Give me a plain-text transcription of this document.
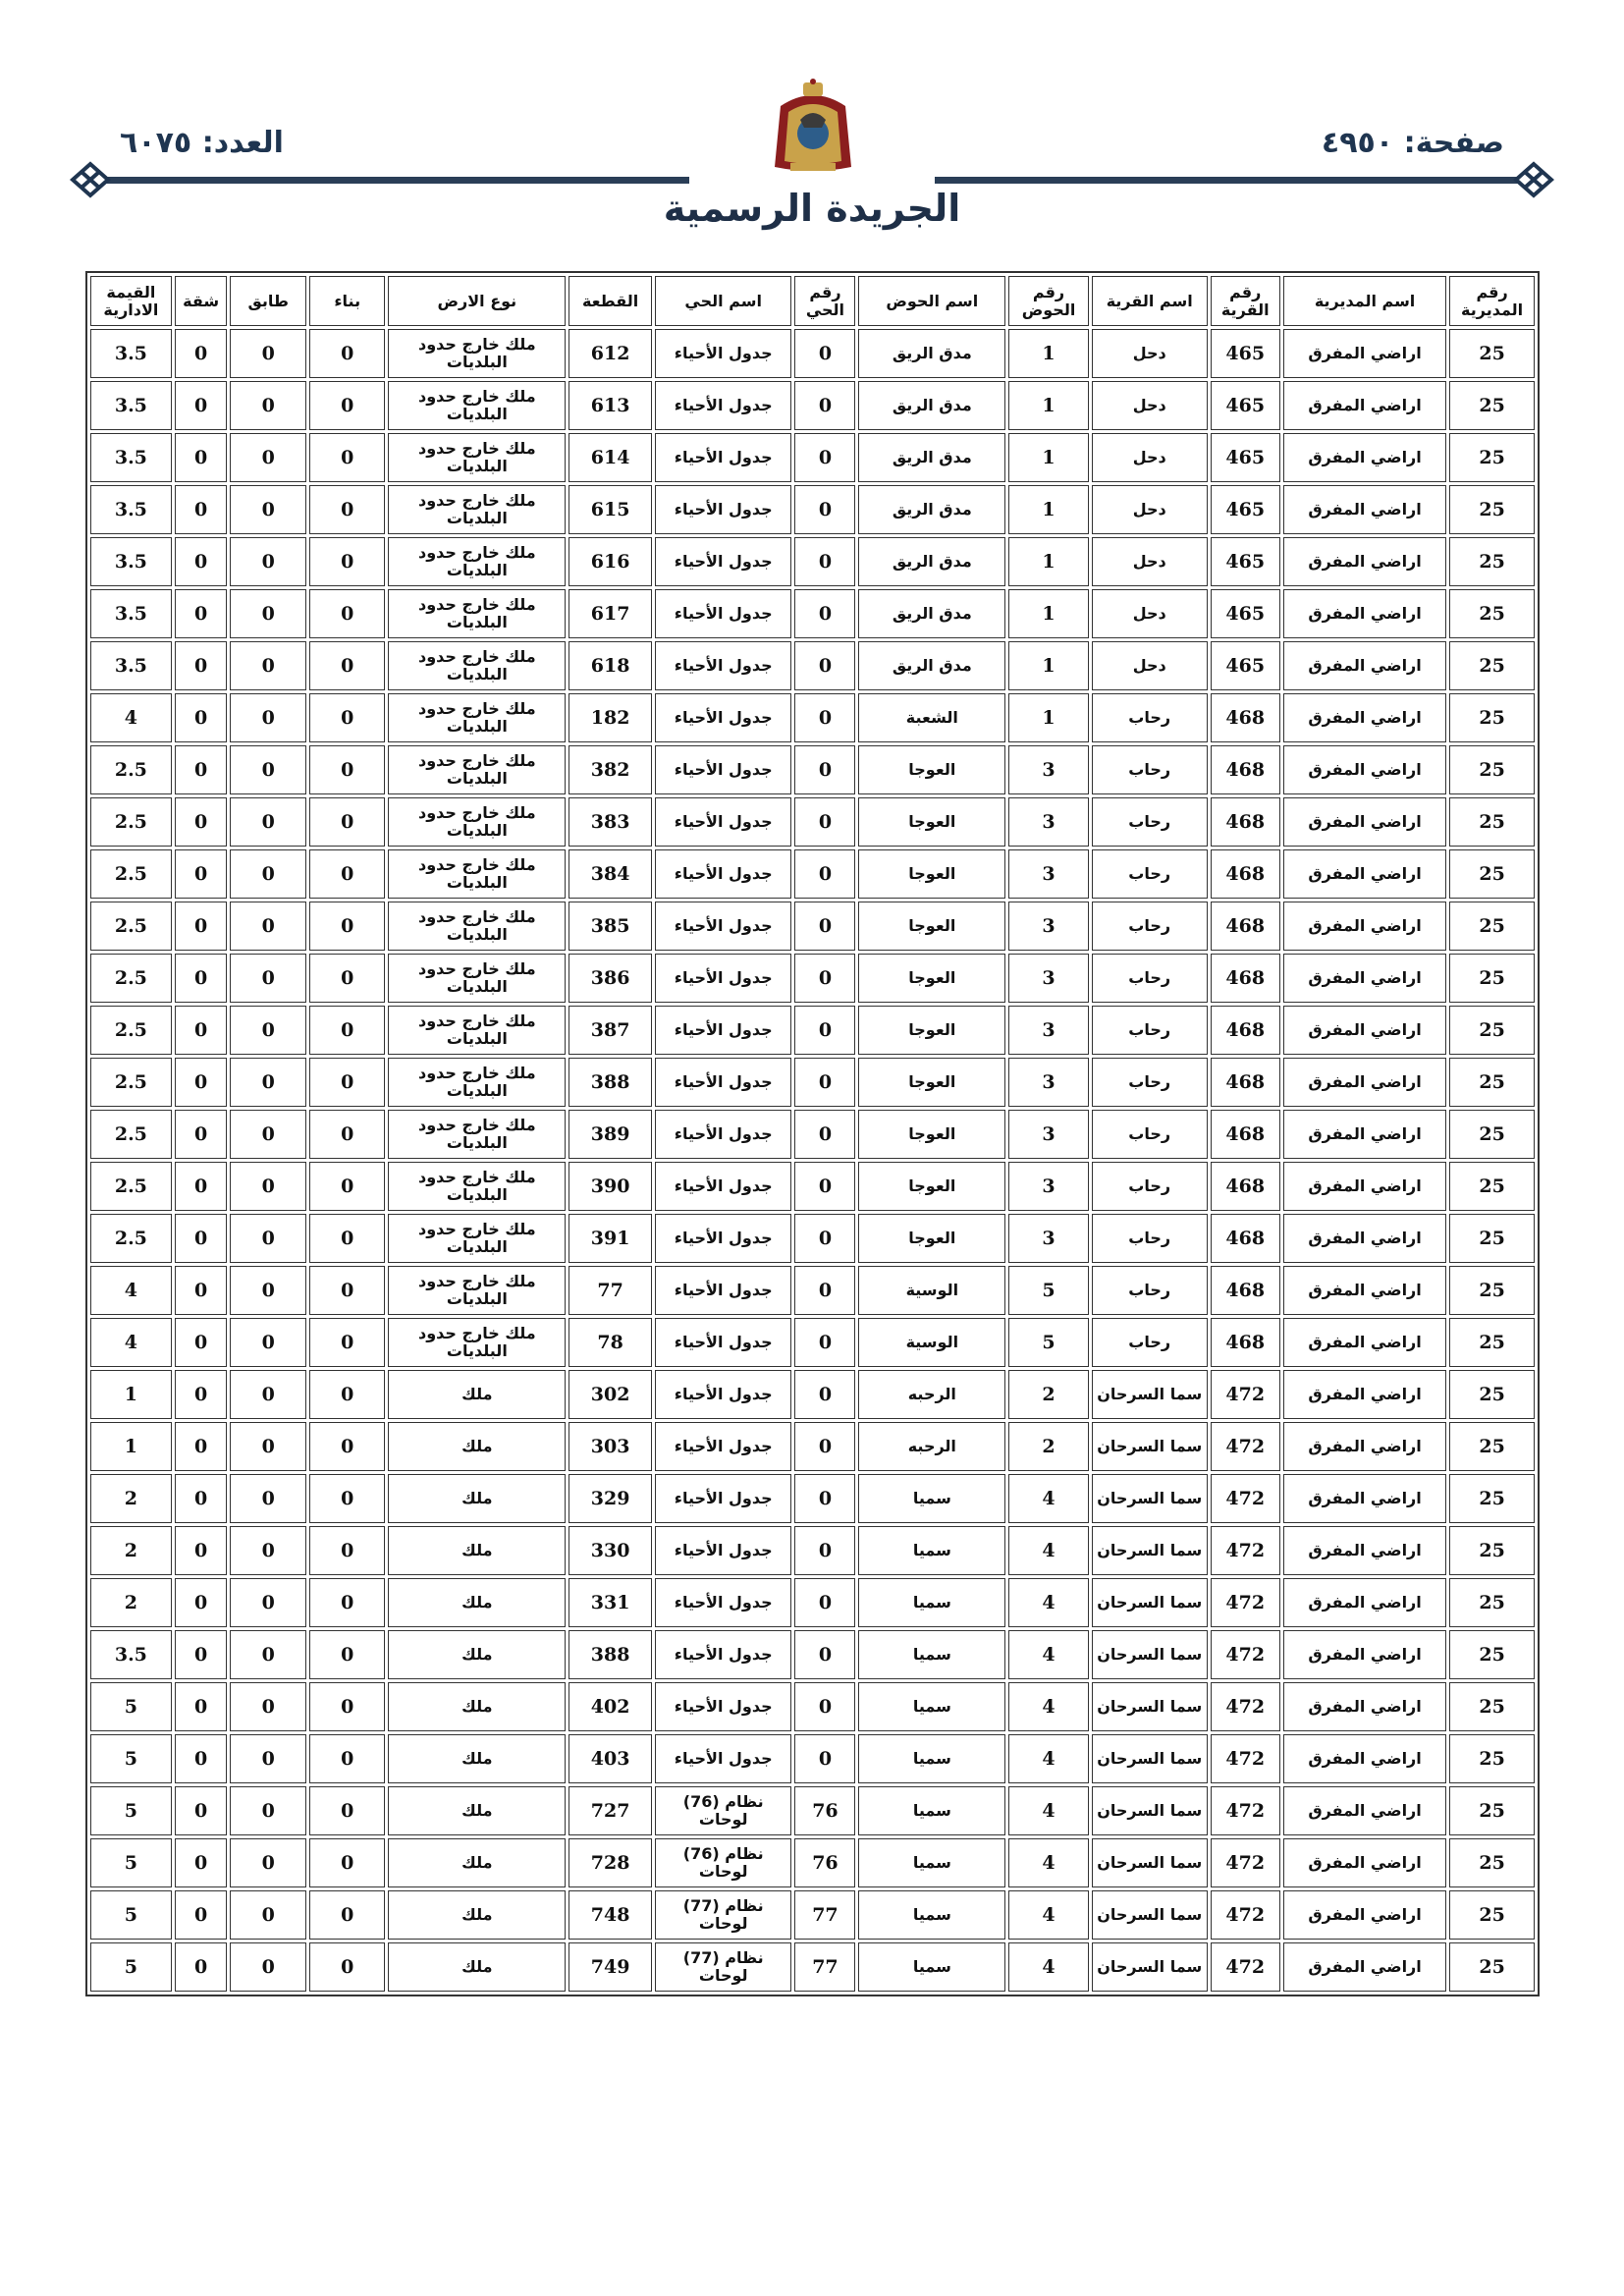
صفحة: ٤٩٥٠
العدد: ٦٠٧٥
الجريدة الرسمية
رقم المديرية	اسم المديرية	رقم القرية	اسم القرية	رقم الحوض	اسم الحوض	رقم الحي	اسم الحي	القطعة	نوع الارض	بناء	طابق	شقة	القيمة الادارية
25	اراضي المفرق	465	دحل	1	مدق الريق	0	جدول الأحياء	612	ملك خارج حدود البلديات	0	0	0	3.5
25	اراضي المفرق	465	دحل	1	مدق الريق	0	جدول الأحياء	613	ملك خارج حدود البلديات	0	0	0	3.5
25	اراضي المفرق	465	دحل	1	مدق الريق	0	جدول الأحياء	614	ملك خارج حدود البلديات	0	0	0	3.5
25	اراضي المفرق	465	دحل	1	مدق الريق	0	جدول الأحياء	615	ملك خارج حدود البلديات	0	0	0	3.5
25	اراضي المفرق	465	دحل	1	مدق الريق	0	جدول الأحياء	616	ملك خارج حدود البلديات	0	0	0	3.5
25	اراضي المفرق	465	دحل	1	مدق الريق	0	جدول الأحياء	617	ملك خارج حدود البلديات	0	0	0	3.5
25	اراضي المفرق	465	دحل	1	مدق الريق	0	جدول الأحياء	618	ملك خارج حدود البلديات	0	0	0	3.5
25	اراضي المفرق	468	رحاب	1	الشعبة	0	جدول الأحياء	182	ملك خارج حدود البلديات	0	0	0	4
25	اراضي المفرق	468	رحاب	3	العوجا	0	جدول الأحياء	382	ملك خارج حدود البلديات	0	0	0	2.5
25	اراضي المفرق	468	رحاب	3	العوجا	0	جدول الأحياء	383	ملك خارج حدود البلديات	0	0	0	2.5
25	اراضي المفرق	468	رحاب	3	العوجا	0	جدول الأحياء	384	ملك خارج حدود البلديات	0	0	0	2.5
25	اراضي المفرق	468	رحاب	3	العوجا	0	جدول الأحياء	385	ملك خارج حدود البلديات	0	0	0	2.5
25	اراضي المفرق	468	رحاب	3	العوجا	0	جدول الأحياء	386	ملك خارج حدود البلديات	0	0	0	2.5
25	اراضي المفرق	468	رحاب	3	العوجا	0	جدول الأحياء	387	ملك خارج حدود البلديات	0	0	0	2.5
25	اراضي المفرق	468	رحاب	3	العوجا	0	جدول الأحياء	388	ملك خارج حدود البلديات	0	0	0	2.5
25	اراضي المفرق	468	رحاب	3	العوجا	0	جدول الأحياء	389	ملك خارج حدود البلديات	0	0	0	2.5
25	اراضي المفرق	468	رحاب	3	العوجا	0	جدول الأحياء	390	ملك خارج حدود البلديات	0	0	0	2.5
25	اراضي المفرق	468	رحاب	3	العوجا	0	جدول الأحياء	391	ملك خارج حدود البلديات	0	0	0	2.5
25	اراضي المفرق	468	رحاب	5	الوسية	0	جدول الأحياء	77	ملك خارج حدود البلديات	0	0	0	4
25	اراضي المفرق	468	رحاب	5	الوسية	0	جدول الأحياء	78	ملك خارج حدود البلديات	0	0	0	4
25	اراضي المفرق	472	سما السرحان	2	الرحبه	0	جدول الأحياء	302	ملك	0	0	0	1
25	اراضي المفرق	472	سما السرحان	2	الرحبه	0	جدول الأحياء	303	ملك	0	0	0	1
25	اراضي المفرق	472	سما السرحان	4	سميا	0	جدول الأحياء	329	ملك	0	0	0	2
25	اراضي المفرق	472	سما السرحان	4	سميا	0	جدول الأحياء	330	ملك	0	0	0	2
25	اراضي المفرق	472	سما السرحان	4	سميا	0	جدول الأحياء	331	ملك	0	0	0	2
25	اراضي المفرق	472	سما السرحان	4	سميا	0	جدول الأحياء	388	ملك	0	0	0	3.5
25	اراضي المفرق	472	سما السرحان	4	سميا	0	جدول الأحياء	402	ملك	0	0	0	5
25	اراضي المفرق	472	سما السرحان	4	سميا	0	جدول الأحياء	403	ملك	0	0	0	5
25	اراضي المفرق	472	سما السرحان	4	سميا	76	نظام (76) لوحات	727	ملك	0	0	0	5
25	اراضي المفرق	472	سما السرحان	4	سميا	76	نظام (76) لوحات	728	ملك	0	0	0	5
25	اراضي المفرق	472	سما السرحان	4	سميا	77	نظام (77) لوحات	748	ملك	0	0	0	5
25	اراضي المفرق	472	سما السرحان	4	سميا	77	نظام (77) لوحات	749	ملك	0	0	0	5
